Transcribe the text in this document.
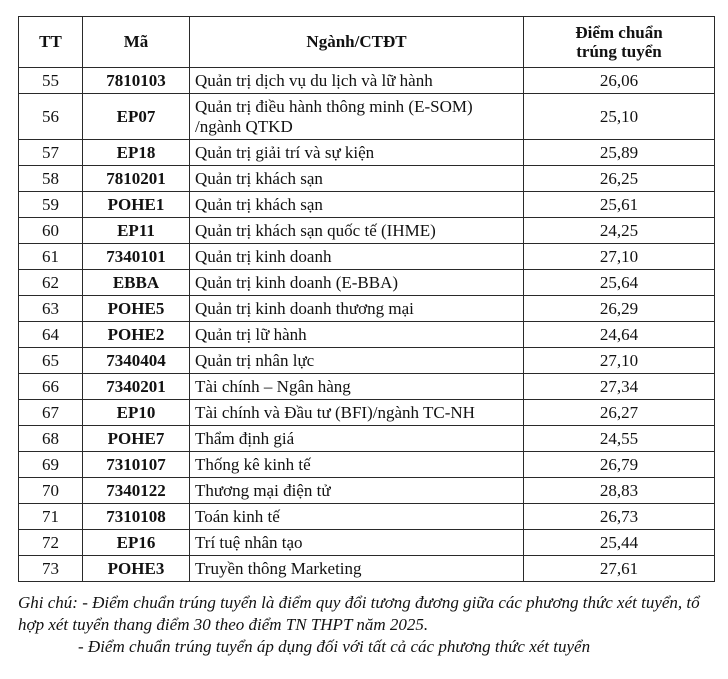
TT	Mã	Ngành/CTĐT	Điểm chuẩn
trúng tuyển

55	7810103	Quản trị dịch vụ du lịch và lữ hành	26,06
56	EP07	Quản trị điều hành thông minh (E-SOM) /ngành QTKD	25,10
57	EP18	Quản trị giải trí và sự kiện	25,89
58	7810201	Quản trị khách sạn	26,25
59	POHE1	Quản trị khách sạn	25,61
60	EP11	Quản trị khách sạn quốc tế (IHME)	24,25
61	7340101	Quản trị kinh doanh	27,10
62	EBBA	Quản trị kinh doanh (E-BBA)	25,64
63	POHE5	Quản trị kinh doanh thương mại	26,29
64	POHE2	Quản trị lữ hành	24,64
65	7340404	Quản trị nhân lực	27,10
66	7340201	Tài chính – Ngân hàng	27,34
67	EP10	Tài chính và Đầu tư (BFI)/ngành TC-NH	26,27
68	POHE7	Thẩm định giá	24,55
69	7310107	Thống kê kinh tế	26,79
70	7340122	Thương mại điện tử	28,83
71	7310108	Toán kinh tế	26,73
72	EP16	Trí tuệ nhân tạo	25,44
73	POHE3	Truyền thông Marketing	27,61

Ghi chú: - Điểm chuẩn trúng tuyển là điểm quy đổi tương đương giữa các phương thức xét tuyển, tổ hợp xét tuyển thang điểm 30 theo điểm TN THPT năm 2025.

- Điểm chuẩn trúng tuyển áp dụng đối với tất cả các phương thức xét tuyển
